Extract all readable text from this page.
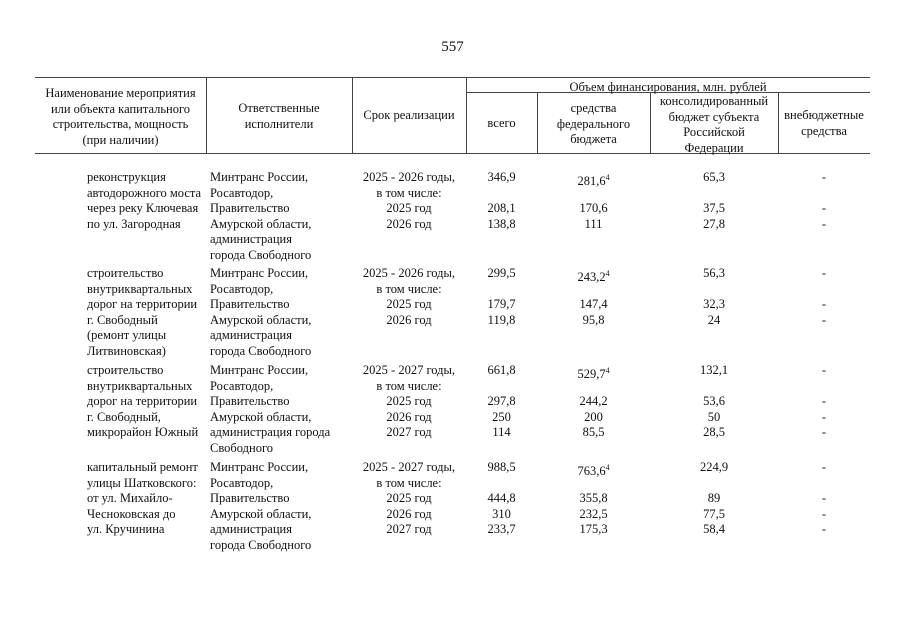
557
Наименование мероприятия
или объекта капитального
строительства, мощность
(при наличии)
Ответственные
исполнители
Срок реализации
Объем финансирования, млн. рублей
всего
средства
федерального
бюджета
консолидированный
бюджет субъекта
Российской
Федерации
внебюджетные
средства
реконструкция
автодорожного моста
через реку Ключевая
по ул. Загородная
Минтранс России,
Росавтодор,
Правительство
Амурской области,
администрация
города Свободного
2025 - 2026 годы,
в том числе:
2025 год
2026 год
346,9
208,1
138,8
281,6$^4$
170,6
111
65,3
37,5
27,8
-
-
-
строительство
внутриквартальных
дорог на территории
г. Свободный
(ремонт улицы
Литвиновская)
Минтранс России,
Росавтодор,
Правительство
Амурской области,
администрация
города Свободного
2025 - 2026 годы,
в том числе:
2025 год
2026 год
299,5
179,7
119,8
243,2$^4$
147,4
95,8
56,3
32,3
24
-
-
-
строительство
внутриквартальных
дорог на территории
г. Свободный,
микрорайон Южный
Минтранс России,
Росавтодор,
Правительство
Амурской области,
администрация города
Свободного
2025 - 2027 годы,
в том числе:
2025 год
2026 год
2027 год
661,8
297,8
250
114
529,7$^4$
244,2
200
85,5
132,1
53,6
50
28,5
-
-
-
-
капитальный ремонт
улицы Шатковского:
от ул. Михайло-
Чесноковская до
ул. Кручинина
Минтранс России,
Росавтодор,
Правительство
Амурской области,
администрация
города Свободного
2025 - 2027 годы,
в том числе:
2025 год
2026 год
2027 год
988,5
444,8
310
233,7
763,6$^4$
355,8
232,5
175,3
224,9
89
77,5
58,4
-
-
-
-
